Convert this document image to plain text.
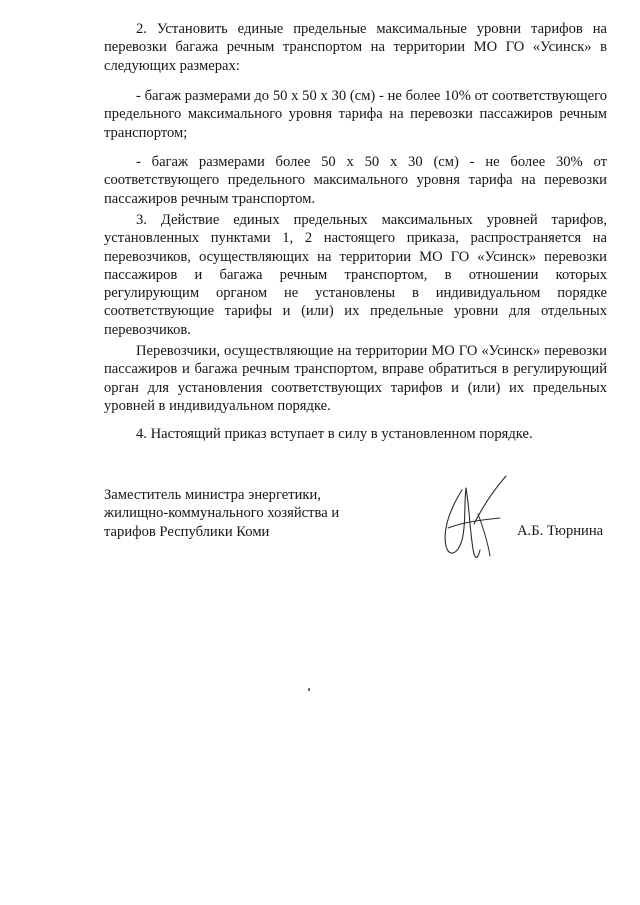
2. Установить единые предельные максимальные уровни тарифов на перевозки багажа речным транспортом на территории МО ГО «Усинск» в следующих размерах:

- багаж размерами до 50 х 50 х 30 (см) - не более 10% от соответствующего предельного максимального уровня тарифа на перевозки пассажиров речным транспортом;

- багаж размерами более 50 х 50 х 30 (см) - не более 30% от соответствующего предельного максимального уровня тарифа на перевозки пассажиров речным транспортом.

3. Действие единых предельных максимальных уровней тарифов, установленных пунктами 1, 2 настоящего приказа, распространяется на перевозчиков, осуществляющих на территории МО ГО «Усинск» перевозки пассажиров и багажа речным транспортом, в отношении которых регулирующим органом не установлены в индивидуальном порядке соответствующие тарифы и (или) их предельные уровни для отдельных перевозчиков.

Перевозчики, осуществляющие на территории МО ГО «Усинск» перевозки пассажиров и багажа речным транспортом, вправе обратиться в регулирующий орган для установления соответствующих тарифов и (или) их предельных уровней в индивидуальном порядке.

4. Настоящий приказ вступает в силу в установленном порядке.

Заместитель министра энергетики,
жилищно-коммунального хозяйства и
тарифов Республики Коми	А.Б. Тюрнина
